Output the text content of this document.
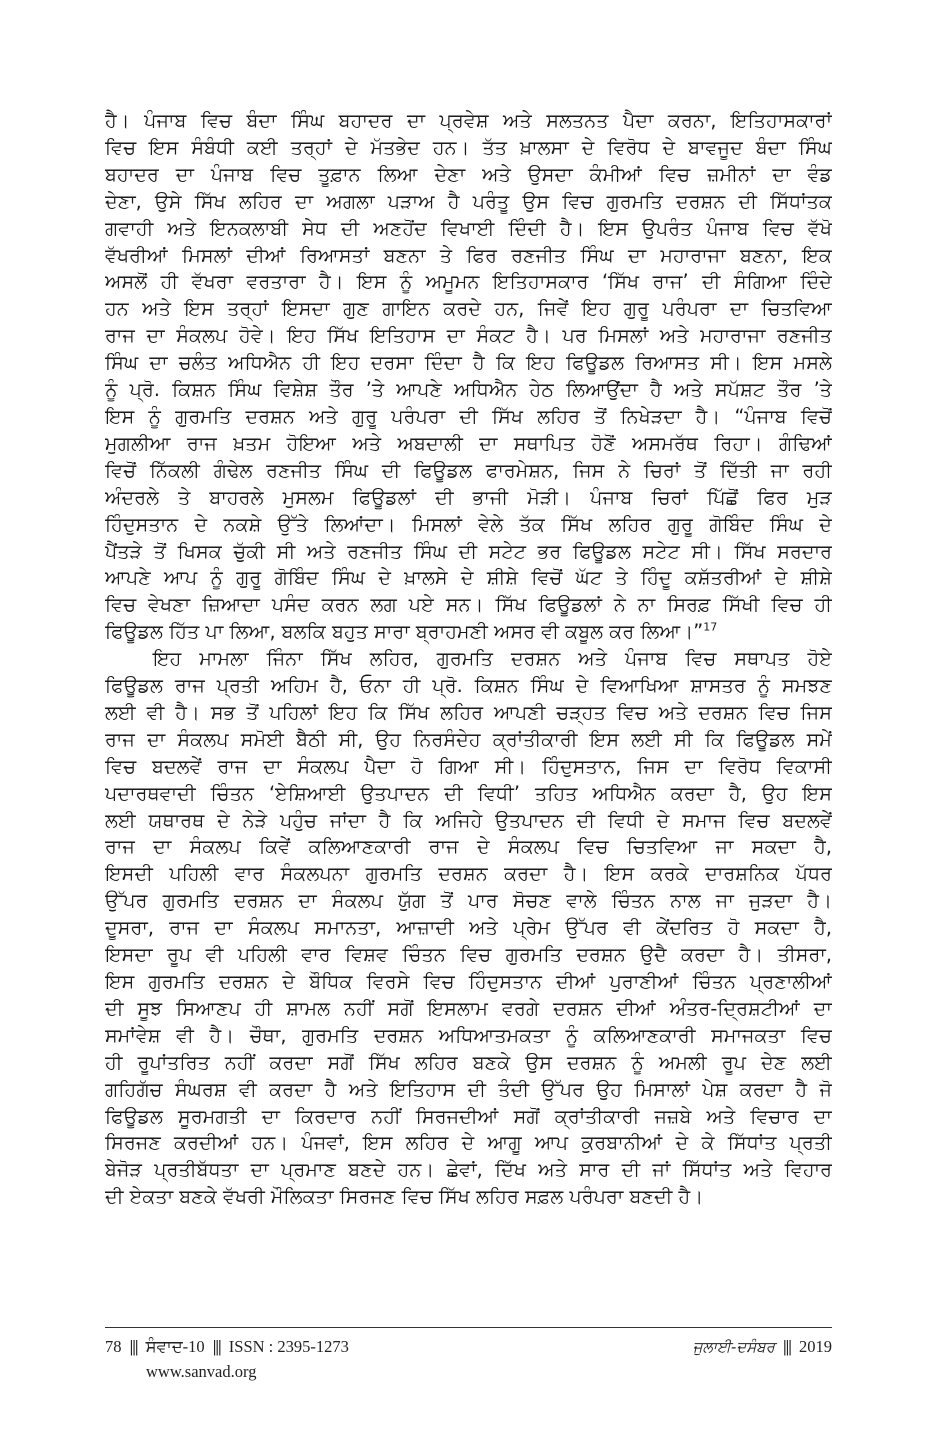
ਹੈ। ਪੰਜਾਬ ਵਿਚ ਬੰਦਾ ਸਿੰਘ ਬਹਾਦਰ ਦਾ ਪ੍ਰਵੇਸ਼ ਅਤੇ ਸਲਤਨਤ ਪੈਦਾ ਕਰਨਾ, ਇਤਿਹਾਸਕਾਰਾਂ
ਵਿਚ ਇਸ ਸੰਬੰਧੀ ਕਈ ਤਰ੍ਹਾਂ ਦੇ ਮੱਤਭੇਦ ਹਨ। ਤੱਤ ਖ਼ਾਲਸਾ ਦੇ ਵਿਰੋਧ ਦੇ ਬਾਵਜੂਦ ਬੰਦਾ ਸਿੰਘ
ਬਹਾਦਰ ਦਾ ਪੰਜਾਬ ਵਿਚ ਤੂਫ਼ਾਨ ਲਿਆ ਦੇਣਾ ਅਤੇ ਉਸਦਾ ਕੰਮੀਆਂ ਵਿਚ ਜ਼ਮੀਨਾਂ ਦਾ ਵੰਡ
ਦੇਣਾ, ਉਸੇ ਸਿੱਖ ਲਹਿਰ ਦਾ ਅਗਲਾ ਪੜਾਅ ਹੈ ਪਰੰਤੂ ਉਸ ਵਿਚ ਗੁਰਮਤਿ ਦਰਸ਼ਨ ਦੀ ਸਿੱਧਾਂਤਕ
ਗਵਾਹੀ ਅਤੇ ਇਨਕਲਾਬੀ ਸੇਧ ਦੀ ਅਣਹੋਂਦ ਵਿਖਾਈ ਦਿੰਦੀ ਹੈ। ਇਸ ਉਪਰੰਤ ਪੰਜਾਬ ਵਿਚ ਵੱਖੋ
ਵੱਖਰੀਆਂ ਮਿਸਲਾਂ ਦੀਆਂ ਰਿਆਸਤਾਂ ਬਣਨਾ ਤੇ ਫਿਰ ਰਣਜੀਤ ਸਿੰਘ ਦਾ ਮਹਾਰਾਜਾ ਬਣਨਾ, ਇਕ
ਅਸਲੋਂ ਹੀ ਵੱਖਰਾ ਵਰਤਾਰਾ ਹੈ। ਇਸ ਨੂੰ ਅਮੂਮਨ ਇਤਿਹਾਸਕਾਰ ‘ਸਿੱਖ ਰਾਜ’ ਦੀ ਸੰਗਿਆ ਦਿੰਦੇ
ਹਨ ਅਤੇ ਇਸ ਤਰ੍ਹਾਂ ਇਸਦਾ ਗੁਣ ਗਾਇਨ ਕਰਦੇ ਹਨ, ਜਿਵੇਂ ਇਹ ਗੁਰੂ ਪਰੰਪਰਾ ਦਾ ਚਿਤਵਿਆ
ਰਾਜ ਦਾ ਸੰਕਲਪ ਹੋਵੇ। ਇਹ ਸਿੱਖ ਇਤਿਹਾਸ ਦਾ ਸੰਕਟ ਹੈ। ਪਰ ਮਿਸਲਾਂ ਅਤੇ ਮਹਾਰਾਜਾ ਰਣਜੀਤ
ਸਿੰਘ ਦਾ ਚਲੰਤ ਅਧਿਐਨ ਹੀ ਇਹ ਦਰਸਾ ਦਿੰਦਾ ਹੈ ਕਿ ਇਹ ਫਿਊਡਲ ਰਿਆਸਤ ਸੀ। ਇਸ ਮਸਲੇ
ਨੂੰ ਪ੍ਰੋ. ਕਿਸ਼ਨ ਸਿੰਘ ਵਿਸ਼ੇਸ਼ ਤੌਰ ’ਤੇ ਆਪਣੇ ਅਧਿਐਨ ਹੇਠ ਲਿਆਉਂਦਾ ਹੈ ਅਤੇ ਸਪੱਸ਼ਟ ਤੌਰ ’ਤੇ
ਇਸ ਨੂੰ ਗੁਰਮਤਿ ਦਰਸ਼ਨ ਅਤੇ ਗੁਰੂ ਪਰੰਪਰਾ ਦੀ ਸਿੱਖ ਲਹਿਰ ਤੋਂ ਨਿਖੇੜਦਾ ਹੈ। “ਪੰਜਾਬ ਵਿਚੋਂ
ਮੁਗਲੀਆ ਰਾਜ ਖ਼ਤਮ ਹੋਇਆ ਅਤੇ ਅਬਦਾਲੀ ਦਾ ਸਥਾਪਿਤ ਹੋਣੋਂ ਅਸਮਰੱਥ ਰਿਹਾ। ਗੰਢਿਆਂ
ਵਿਚੋਂ ਨਿੱਕਲੀ ਗੰਢੇਲ ਰਣਜੀਤ ਸਿੰਘ ਦੀ ਫਿਊਡਲ ਫਾਰਮੇਸ਼ਨ, ਜਿਸ ਨੇ ਚਿਰਾਂ ਤੋਂ ਦਿੱਤੀ ਜਾ ਰਹੀ
ਅੰਦਰਲੇ ਤੇ ਬਾਹਰਲੇ ਮੁਸਲਮ ਫਿਊਡਲਾਂ ਦੀ ਭਾਜੀ ਮੋੜੀ। ਪੰਜਾਬ ਚਿਰਾਂ ਪਿੱਛੋਂ ਫਿਰ ਮੁੜ
ਹਿੰਦੁਸਤਾਨ ਦੇ ਨਕਸ਼ੇ ਉੱਤੇ ਲਿਆਂਦਾ। ਮਿਸਲਾਂ ਵੇਲੇ ਤੱਕ ਸਿੱਖ ਲਹਿਰ ਗੁਰੂ ਗੋਬਿੰਦ ਸਿੰਘ ਦੇ
ਪੈਂਤੜੇ ਤੋਂ ਖਿਸਕ ਚੁੱਕੀ ਸੀ ਅਤੇ ਰਣਜੀਤ ਸਿੰਘ ਦੀ ਸਟੇਟ ਭਰ ਫਿਊਡਲ ਸਟੇਟ ਸੀ। ਸਿੱਖ ਸਰਦਾਰ
ਆਪਣੇ ਆਪ ਨੂੰ ਗੁਰੂ ਗੋਬਿੰਦ ਸਿੰਘ ਦੇ ਖ਼ਾਲਸੇ ਦੇ ਸ਼ੀਸ਼ੇ ਵਿਚੋਂ ਘੱਟ ਤੇ ਹਿੰਦੂ ਕਸ਼ੱਤਰੀਆਂ ਦੇ ਸ਼ੀਸ਼ੇ
ਵਿਚ ਵੇਖਣਾ ਜ਼ਿਆਦਾ ਪਸੰਦ ਕਰਨ ਲਗ ਪਏ ਸਨ। ਸਿੱਖ ਫਿਊਡਲਾਂ ਨੇ ਨਾ ਸਿਰਫ਼ ਸਿੱਖੀ ਵਿਚ ਹੀ
ਫਿਊਡਲ ਹਿੱਤ ਪਾ ਲਿਆ, ਬਲਕਿ ਬਹੁਤ ਸਾਰਾ ਬ੍ਰਾਹਮਣੀ ਅਸਰ ਵੀ ਕਬੂਲ ਕਰ ਲਿਆ।”$^{17}$
ਇਹ ਮਾਮਲਾ ਜਿੰਨਾ ਸਿੱਖ ਲਹਿਰ, ਗੁਰਮਤਿ ਦਰਸ਼ਨ ਅਤੇ ਪੰਜਾਬ ਵਿਚ ਸਥਾਪਤ ਹੋਏ
ਫਿਊਡਲ ਰਾਜ ਪ੍ਰਤੀ ਅਹਿਮ ਹੈ, ਓਨਾ ਹੀ ਪ੍ਰੋ. ਕਿਸ਼ਨ ਸਿੰਘ ਦੇ ਵਿਆਖਿਆ ਸ਼ਾਸਤਰ ਨੂੰ ਸਮਝਣ
ਲਈ ਵੀ ਹੈ। ਸਭ ਤੋਂ ਪਹਿਲਾਂ ਇਹ ਕਿ ਸਿੱਖ ਲਹਿਰ ਆਪਣੀ ਚੜ੍ਹਤ ਵਿਚ ਅਤੇ ਦਰਸ਼ਨ ਵਿਚ ਜਿਸ
ਰਾਜ ਦਾ ਸੰਕਲਪ ਸਮੋਈ ਬੈਠੀ ਸੀ, ਉਹ ਨਿਰਸੰਦੇਹ ਕ੍ਰਾਂਤੀਕਾਰੀ ਇਸ ਲਈ ਸੀ ਕਿ ਫਿਊਡਲ ਸਮੇਂ
ਵਿਚ ਬਦਲਵੇਂ ਰਾਜ ਦਾ ਸੰਕਲਪ ਪੈਦਾ ਹੋ ਗਿਆ ਸੀ। ਹਿੰਦੁਸਤਾਨ, ਜਿਸ ਦਾ ਵਿਰੋਧ ਵਿਕਾਸੀ
ਪਦਾਰਥਵਾਦੀ ਚਿੰਤਨ ‘ਏਸ਼ਿਆਈ ਉਤਪਾਦਨ ਦੀ ਵਿਧੀ’ ਤਹਿਤ ਅਧਿਐਨ ਕਰਦਾ ਹੈ, ਉਹ ਇਸ
ਲਈ ਯਥਾਰਥ ਦੇ ਨੇੜੇ ਪਹੁੰਚ ਜਾਂਦਾ ਹੈ ਕਿ ਅਜਿਹੇ ਉਤਪਾਦਨ ਦੀ ਵਿਧੀ ਦੇ ਸਮਾਜ ਵਿਚ ਬਦਲਵੇਂ
ਰਾਜ ਦਾ ਸੰਕਲਪ ਕਿਵੇਂ ਕਲਿਆਣਕਾਰੀ ਰਾਜ ਦੇ ਸੰਕਲਪ ਵਿਚ ਚਿਤਵਿਆ ਜਾ ਸਕਦਾ ਹੈ,
ਇਸਦੀ ਪਹਿਲੀ ਵਾਰ ਸੰਕਲਪਨਾ ਗੁਰਮਤਿ ਦਰਸ਼ਨ ਕਰਦਾ ਹੈ। ਇਸ ਕਰਕੇ ਦਾਰਸ਼ਨਿਕ ਪੱਧਰ
ਉੱਪਰ ਗੁਰਮਤਿ ਦਰਸ਼ਨ ਦਾ ਸੰਕਲਪ ਯੁੱਗ ਤੋਂ ਪਾਰ ਸੋਚਣ ਵਾਲੇ ਚਿੰਤਨ ਨਾਲ ਜਾ ਜੁੜਦਾ ਹੈ।
ਦੂਸਰਾ, ਰਾਜ ਦਾ ਸੰਕਲਪ ਸਮਾਨਤਾ, ਆਜ਼ਾਦੀ ਅਤੇ ਪ੍ਰੇਮ ਉੱਪਰ ਵੀ ਕੇਂਦਰਿਤ ਹੋ ਸਕਦਾ ਹੈ,
ਇਸਦਾ ਰੂਪ ਵੀ ਪਹਿਲੀ ਵਾਰ ਵਿਸ਼ਵ ਚਿੰਤਨ ਵਿਚ ਗੁਰਮਤਿ ਦਰਸ਼ਨ ਉਦੈ ਕਰਦਾ ਹੈ। ਤੀਸਰਾ,
ਇਸ ਗੁਰਮਤਿ ਦਰਸ਼ਨ ਦੇ ਬੌਧਿਕ ਵਿਰਸੇ ਵਿਚ ਹਿੰਦੁਸਤਾਨ ਦੀਆਂ ਪੁਰਾਣੀਆਂ ਚਿੰਤਨ ਪ੍ਰਣਾਲੀਆਂ
ਦੀ ਸੂਝ ਸਿਆਣਪ ਹੀ ਸ਼ਾਮਲ ਨਹੀਂ ਸਗੋਂ ਇਸਲਾਮ ਵਰਗੇ ਦਰਸ਼ਨ ਦੀਆਂ ਅੰਤਰ-ਦ੍ਰਿਸ਼ਟੀਆਂ ਦਾ
ਸਮਾਂਵੇਸ਼ ਵੀ ਹੈ। ਚੌਥਾ, ਗੁਰਮਤਿ ਦਰਸ਼ਨ ਅਧਿਆਤਮਕਤਾ ਨੂੰ ਕਲਿਆਣਕਾਰੀ ਸਮਾਜਕਤਾ ਵਿਚ
ਹੀ ਰੂਪਾਂਤਰਿਤ ਨਹੀਂ ਕਰਦਾ ਸਗੋਂ ਸਿੱਖ ਲਹਿਰ ਬਣਕੇ ਉਸ ਦਰਸ਼ਨ ਨੂੰ ਅਮਲੀ ਰੂਪ ਦੇਣ ਲਈ
ਗਹਿਗੱਚ ਸੰਘਰਸ਼ ਵੀ ਕਰਦਾ ਹੈ ਅਤੇ ਇਤਿਹਾਸ ਦੀ ਤੰਦੀ ਉੱਪਰ ਉਹ ਮਿਸਾਲਾਂ ਪੇਸ਼ ਕਰਦਾ ਹੈ ਜੋ
ਫਿਊਡਲ ਸੂਰਮਗਤੀ ਦਾ ਕਿਰਦਾਰ ਨਹੀਂ ਸਿਰਜਦੀਆਂ ਸਗੋਂ ਕ੍ਰਾਂਤੀਕਾਰੀ ਜਜ਼ਬੇ ਅਤੇ ਵਿਚਾਰ ਦਾ
ਸਿਰਜਣ ਕਰਦੀਆਂ ਹਨ। ਪੰਜਵਾਂ, ਇਸ ਲਹਿਰ ਦੇ ਆਗੂ ਆਪ ਕੁਰਬਾਨੀਆਂ ਦੇ ਕੇ ਸਿੱਧਾਂਤ ਪ੍ਰਤੀ
ਬੇਜੋੜ ਪ੍ਰਤੀਬੱਧਤਾ ਦਾ ਪ੍ਰਮਾਣ ਬਣਦੇ ਹਨ। ਛੇਵਾਂ, ਦਿੱਖ ਅਤੇ ਸਾਰ ਦੀ ਜਾਂ ਸਿੱਧਾਂਤ ਅਤੇ ਵਿਹਾਰ
ਦੀ ਏਕਤਾ ਬਣਕੇ ਵੱਖਰੀ ਮੌਲਿਕਤਾ ਸਿਰਜਣ ਵਿਚ ਸਿੱਖ ਲਹਿਰ ਸਫ਼ਲ ਪਰੰਪਰਾ ਬਣਦੀ ਹੈ।
78 ||| ਸੰਵਾਦ-10 ||| ISSN : 2395-1273	ਜੁਲਾਈ-ਦਸੰਬਰ ||| 2019
www.sanvad.org
